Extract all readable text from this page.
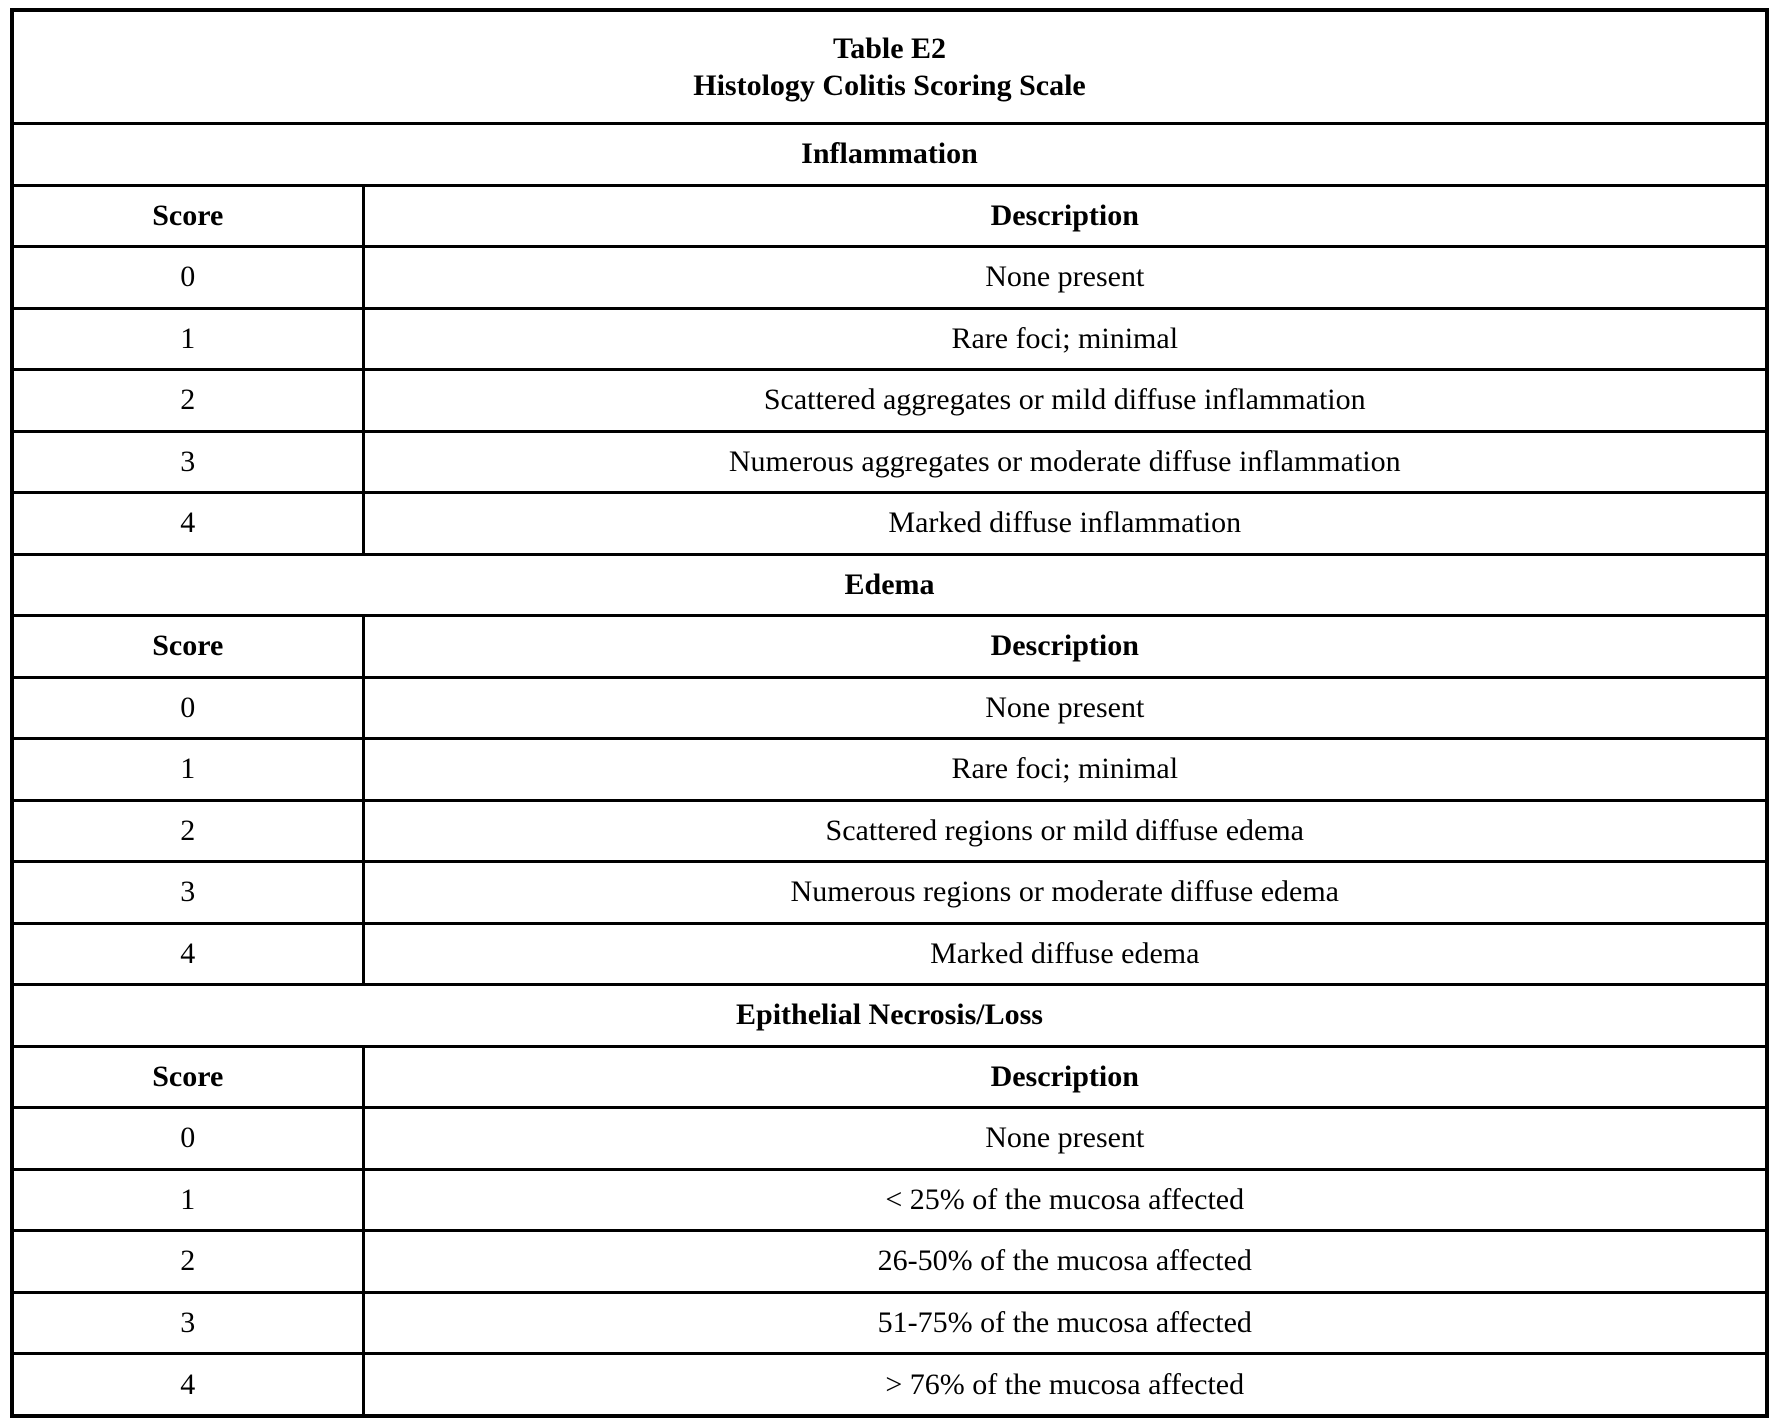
Table E2
Histology Colitis Scoring Scale	

Inflammation	
Score	Description
0	None present
1	Rare foci; minimal
2	Scattered aggregates or mild diffuse inflammation
3	Numerous aggregates or moderate diffuse inflammation
4	Marked diffuse inflammation
Edema	
Score	Description
0	None present
1	Rare foci; minimal
2	Scattered regions or mild diffuse edema
3	Numerous regions or moderate diffuse edema
4	Marked diffuse edema
Epithelial Necrosis/Loss	
Score	Description
0	None present
1	< 25% of the mucosa affected
2	26-50% of the mucosa affected
3	51-75% of the mucosa affected
4	> 76% of the mucosa affected
